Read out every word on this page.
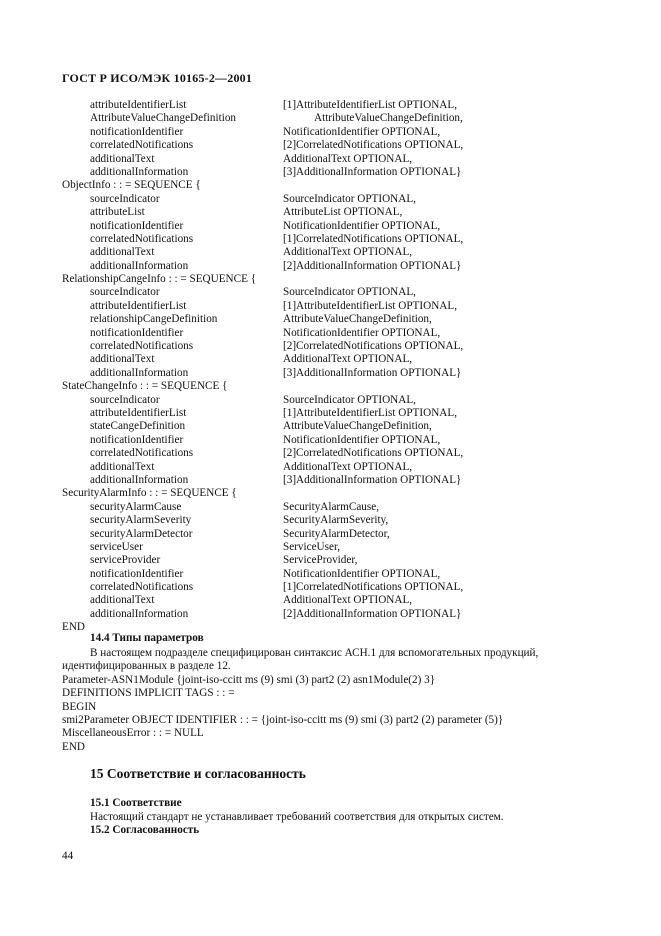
ГОСТ Р ИСО/МЭК 10165-2—2001
attributeIdentifierList	[1]AttributeIdentifierList OPTIONAL,
AttributeValueChangeDefinition	AttributeValueChangeDefinition,
notificationIdentifier	NotificationIdentifier OPTIONAL,
correlatedNotifications	[2]CorrelatedNotifications OPTIONAL,
additionalText	AdditionalText OPTIONAL,
additionalInformation	[3]AdditionalInformation OPTIONAL}
ObjectInfo : : = SEQUENCE {
sourceIndicator	SourceIndicator OPTIONAL,
attributeList	AttributeList OPTIONAL,
notificationIdentifier	NotificationIdentifier OPTIONAL,
correlatedNotifications	[1]CorrelatedNotifications OPTIONAL,
additionalText	AdditionalText OPTIONAL,
additionalInformation	[2]AdditionalInformation OPTIONAL}
RelationshipCangeInfo : : = SEQUENCE {
sourceIndicator	SourceIndicator OPTIONAL,
attributeIdentifierList	[1]AttributeIdentifierList OPTIONAL,
relationshipCangeDefinition	AttributeValueChangeDefinition,
notificationIdentifier	NotificationIdentifier OPTIONAL,
correlatedNotifications	[2]CorrelatedNotifications OPTIONAL,
additionalText	AdditionalText OPTIONAL,
additionalInformation	[3]AdditionalInformation OPTIONAL}
StateChangeInfo : : = SEQUENCE {
sourceIndicator	SourceIndicator OPTIONAL,
attributeIdentifierList	[1]AttributeIdentifierList OPTIONAL,
stateCangeDefinition	AttributeValueChangeDefinition,
notificationIdentifier	NotificationIdentifier OPTIONAL,
correlatedNotifications	[2]CorrelatedNotifications OPTIONAL,
additionalText	AdditionalText OPTIONAL,
additionalInformation	[3]AdditionalInformation OPTIONAL}
SecurityAlarmInfo : : = SEQUENCE {
securityAlarmCause	SecurityAlarmCause,
securityAlarmSeverity	SecurityAlarmSeverity,
securityAlarmDetector	SecurityAlarmDetector,
serviceUser	ServiceUser,
serviceProvider	ServiceProvider,
notificationIdentifier	NotificationIdentifier OPTIONAL,
correlatedNotifications	[1]CorrelatedNotifications OPTIONAL,
additionalText	AdditionalText OPTIONAL,
additionalInformation	[2]AdditionalInformation OPTIONAL}
END
14.4 Типы параметров
В настоящем подразделе специфицирован синтаксис АСН.1 для вспомогательных продукций,
идентифицированных в разделе 12.
Parameter-ASN1Module {joint-iso-ccitt ms (9) smi (3) part2 (2) asn1Module(2) 3}
DEFINITIONS IMPLICIT TAGS : : =
BEGIN
smi2Parameter OBJECT IDENTIFIER : : = {joint-iso-ccitt ms (9) smi (3) part2 (2) parameter (5)}
MiscellaneousError : : = NULL
END
15 Соответствие и согласованность
15.1 Соответствие
Настоящий стандарт не устанавливает требований соответствия для открытых систем.
15.2 Согласованность
44
